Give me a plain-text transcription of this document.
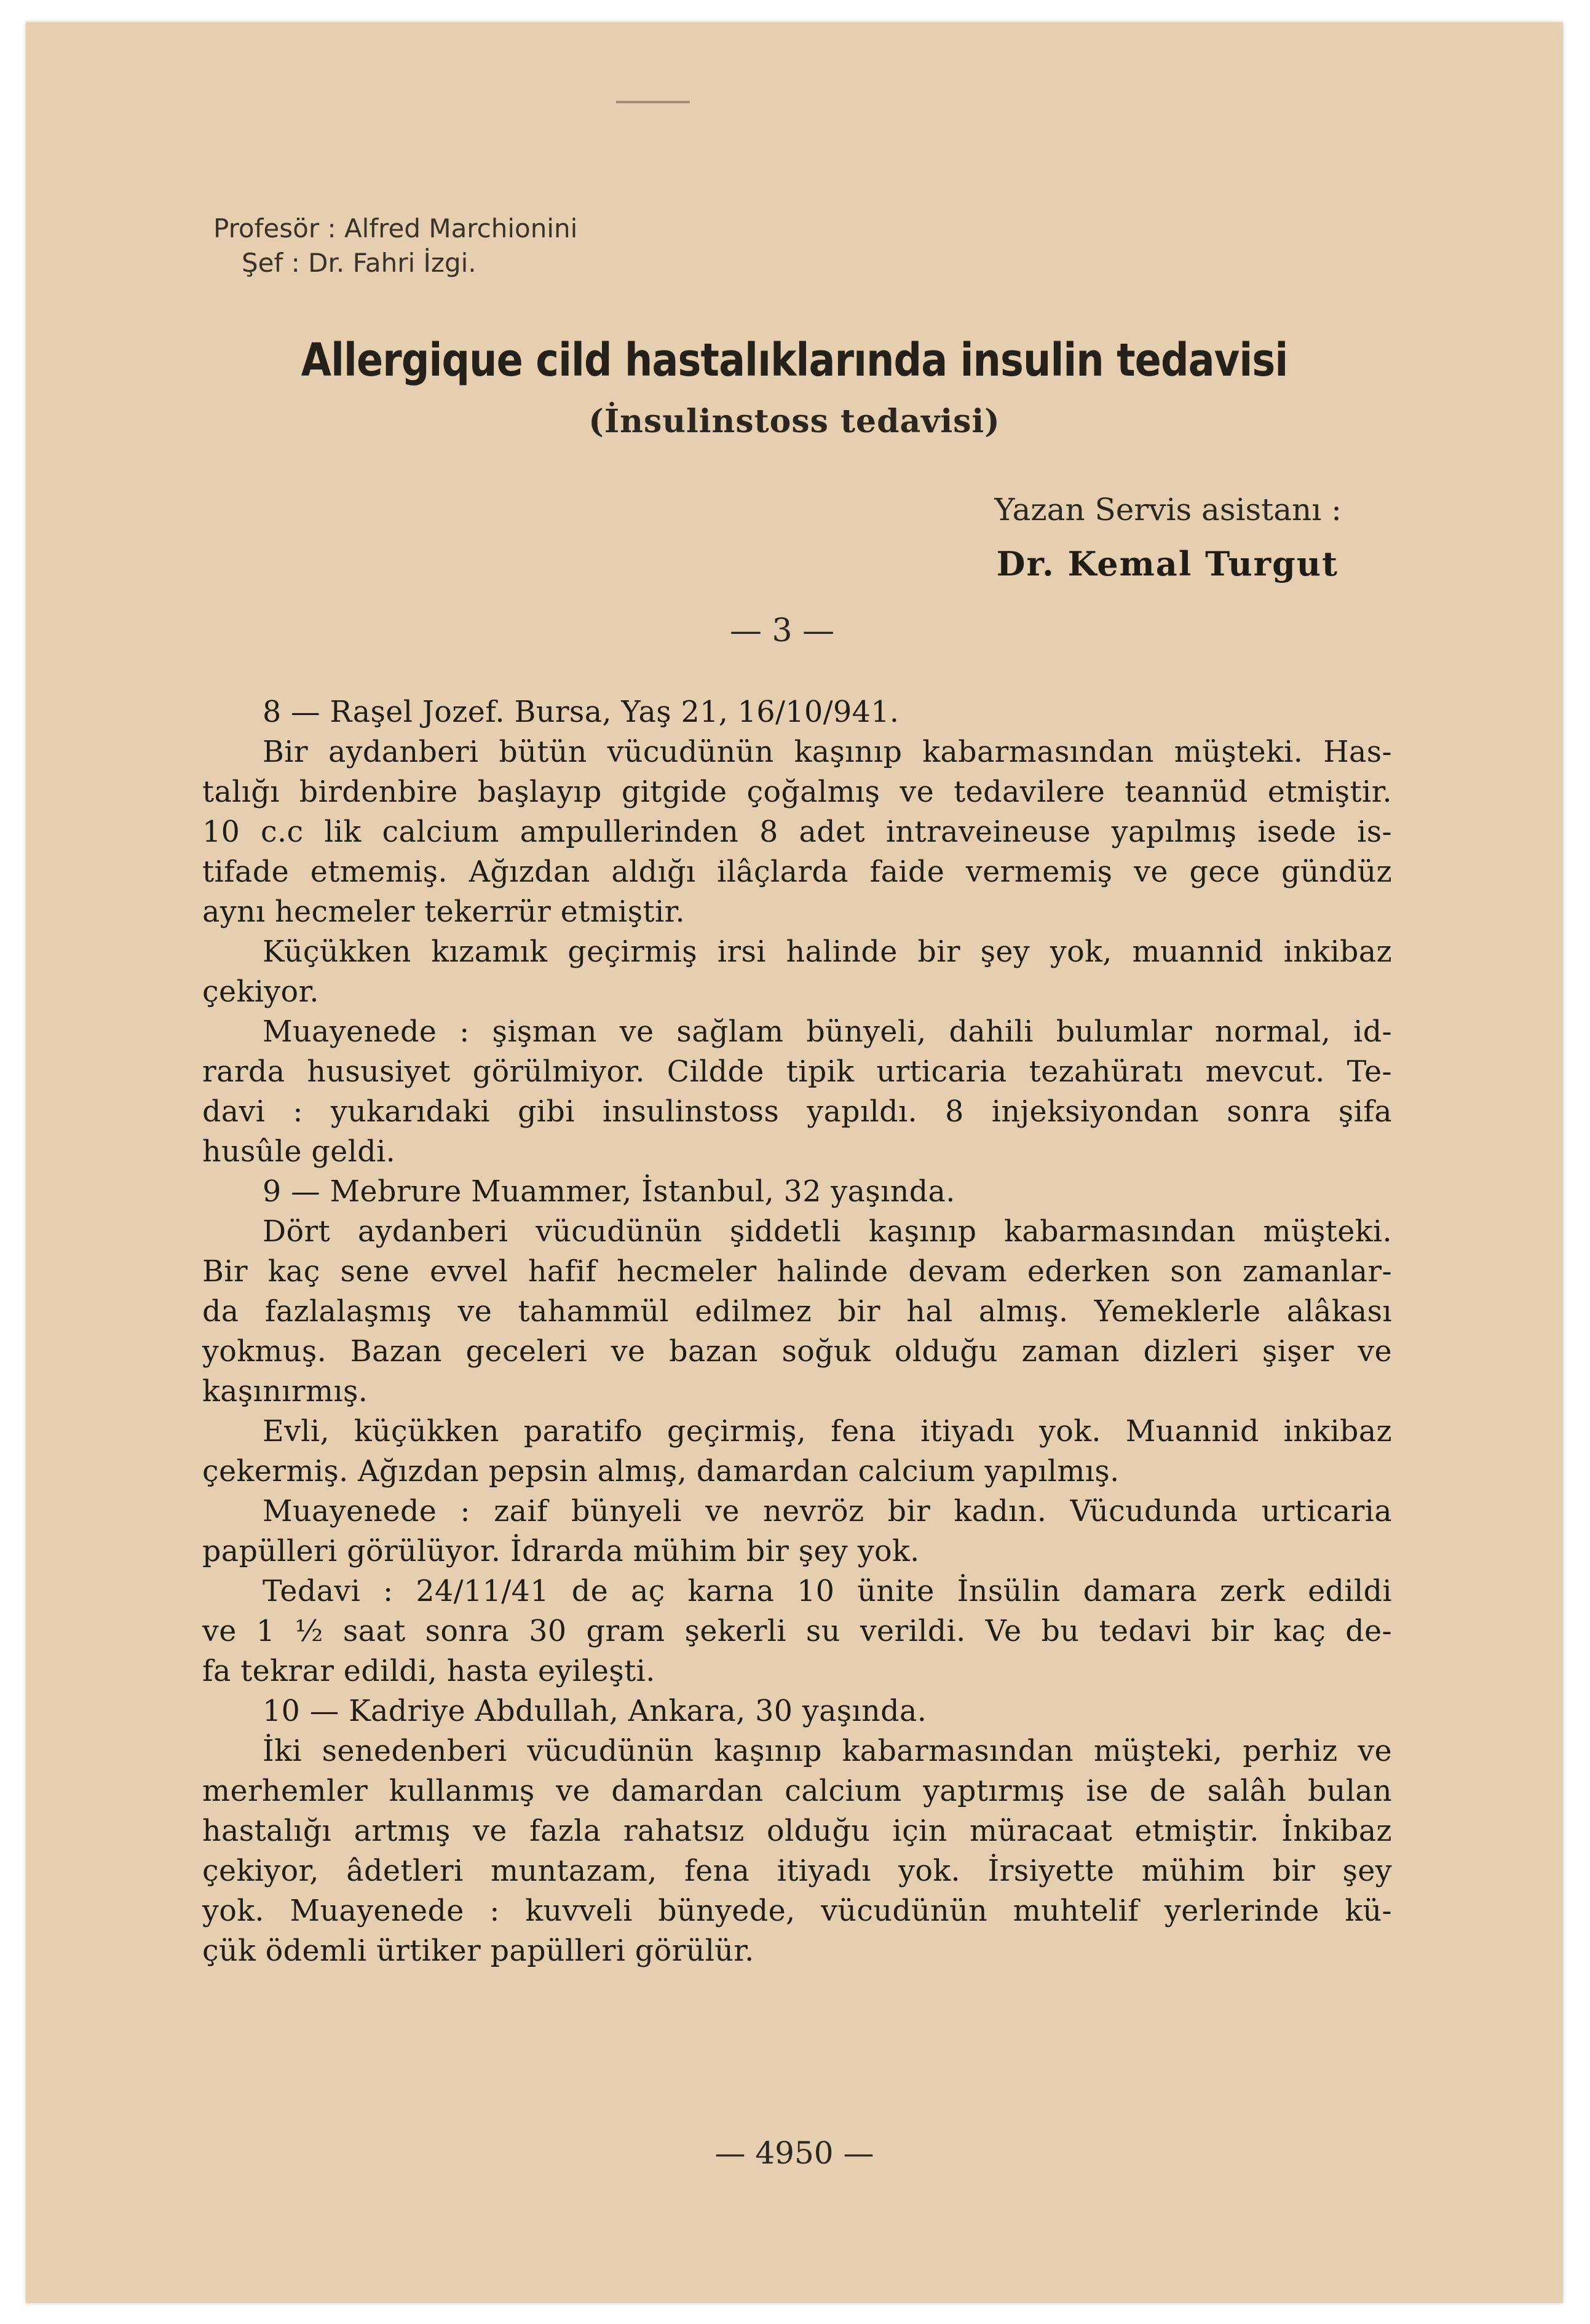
Profesör : Alfred Marchionini
Şef : Dr. Fahri İzgi.
Allergique cild hastalıklarında insulin tedavisi
(İnsulinstoss tedavisi)
Yazan Servis asistanı :
Dr. Kemal Turgut
— 3 —
8 — Raşel Jozef. Bursa, Yaş 21, 16/10/941.
Bir aydanberi bütün vücudünün kaşınıp kabarmasından müşteki. Has-
talığı birdenbire başlayıp gitgide çoğalmış ve tedavilere teannüd etmiştir.
10 c.c lik calcium ampullerinden 8 adet intraveineuse yapılmış isede is-
tifade etmemiş. Ağızdan aldığı ilâçlarda faide vermemiş ve gece gündüz
aynı hecmeler tekerrür etmiştir.
Küçükken kızamık geçirmiş irsi halinde bir şey yok, muannid inkibaz
çekiyor.
Muayenede : şişman ve sağlam bünyeli, dahili bulumlar normal, id-
rarda hususiyet görülmiyor. Cildde tipik urticaria tezahüratı mevcut. Te-
davi : yukarıdaki gibi insulinstoss yapıldı. 8 injeksiyondan sonra şifa
husûle geldi.
9 — Mebrure Muammer, İstanbul, 32 yaşında.
Dört aydanberi vücudünün şiddetli kaşınıp kabarmasından müşteki.
Bir kaç sene evvel hafif hecmeler halinde devam ederken son zamanlar-
da fazlalaşmış ve tahammül edilmez bir hal almış. Yemeklerle alâkası
yokmuş. Bazan geceleri ve bazan soğuk olduğu zaman dizleri şişer ve
kaşınırmış.
Evli, küçükken paratifo geçirmiş, fena itiyadı yok. Muannid inkibaz
çekermiş. Ağızdan pepsin almış, damardan calcium yapılmış.
Muayenede : zaif bünyeli ve nevröz bir kadın. Vücudunda urticaria
papülleri görülüyor. İdrarda mühim bir şey yok.
Tedavi : 24/11/41 de aç karna 10 ünite İnsülin damara zerk edildi
ve 1 ½ saat sonra 30 gram şekerli su verildi. Ve bu tedavi bir kaç de-
fa tekrar edildi, hasta eyileşti.
10 — Kadriye Abdullah, Ankara, 30 yaşında.
İki senedenberi vücudünün kaşınıp kabarmasından müşteki, perhiz ve
merhemler kullanmış ve damardan calcium yaptırmış ise de salâh bulan
hastalığı artmış ve fazla rahatsız olduğu için müracaat etmiştir. İnkibaz
çekiyor, âdetleri muntazam, fena itiyadı yok. İrsiyette mühim bir şey
yok. Muayenede : kuvveli bünyede, vücudünün muhtelif yerlerinde kü-
çük ödemli ürtiker papülleri görülür.
— 4950 —
